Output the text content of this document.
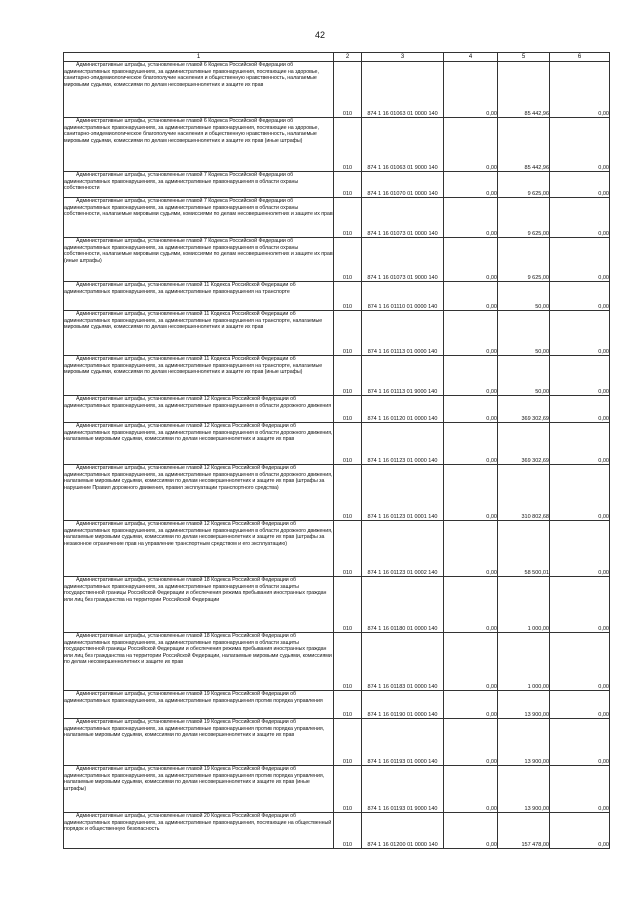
42
1	2	3	4	5	6

Административные штрафы, установленные главой 6 Кодекса Российской Федерации об административных правонарушениях, за административные правонарушения, посягающие на здоровье, санитарно-эпидемиологическое благополучие населения и общественную нравственность, налагаемые мировыми судьями, комиссиями по делам несовершеннолетних и защите их прав	010	874 1 16 01063 01 0000 140	0,00	85 442,96	0,00

Административные штрафы, установленные главой 6 Кодекса Российской Федерации об административных правонарушениях, за административные правонарушения, посягающие на здоровье, санитарно-эпидемиологическое благополучие населения и общественную нравственность, налагаемые мировыми судьями, комиссиями по делам несовершеннолетних и защите их прав (иные штрафы)	010	874 1 16 01063 01 9000 140	0,00	85 442,96	0,00

Административные штрафы, установленные главой 7 Кодекса Российской Федерации об административных правонарушениях, за административные правонарушения в области охраны собственности	010	874 1 16 01070 01 0000 140	0,00	9 625,00	0,00

Административные штрафы, установленные главой 7 Кодекса Российской Федерации об административных правонарушениях, за административные правонарушения в области охраны собственности, налагаемые мировыми судьями, комиссиями по делам несовершеннолетних и защите их прав	010	874 1 16 01073 01 0000 140	0,00	9 625,00	0,00

Административные штрафы, установленные главой 7 Кодекса Российской Федерации об административных правонарушениях, за административные правонарушения в области охраны собственности, налагаемые мировыми судьями, комиссиями по делам несовершеннолетних и защите их прав (иные штрафы)	010	874 1 16 01073 01 9000 140	0,00	9 625,00	0,00

Административные штрафы, установленные главой 11 Кодекса Российской Федерации об административных правонарушениях, за административные правонарушения на транспорте	010	874 1 16 01110 01 0000 140	0,00	50,00	0,00

Административные штрафы, установленные главой 11 Кодекса Российской Федерации об административных правонарушениях, за административные правонарушения на транспорте, налагаемые мировыми судьями, комиссиями по делам несовершеннолетних и защите их прав	010	874 1 16 01113 01 0000 140	0,00	50,00	0,00

Административные штрафы, установленные главой 11 Кодекса Российской Федерации об административных правонарушениях, за административные правонарушения на транспорте, налагаемые мировыми судьями, комиссиями по делам несовершеннолетних и защите их прав (иные штрафы)	010	874 1 16 01113 01 9000 140	0,00	50,00	0,00

Административные штрафы, установленные главой 12 Кодекса Российской Федерации об административных правонарушениях, за административные правонарушения в области дорожного движения	010	874 1 16 01120 01 0000 140	0,00	369 302,69	0,00

Административные штрафы, установленные главой 12 Кодекса Российской Федерации об административных правонарушениях, за административные правонарушения в области дорожного движения, налагаемые мировыми судьями, комиссиями по делам несовершеннолетних и защите их прав	010	874 1 16 01123 01 0000 140	0,00	369 302,69	0,00

Административные штрафы, установленные главой 12 Кодекса Российской Федерации об административных правонарушениях, за административные правонарушения в области дорожного движения, налагаемые мировыми судьями, комиссиями по делам несовершеннолетних и защите их прав (штрафы за нарушение Правил дорожного движения, правил эксплуатации транспортного средства)	010	874 1 16 01123 01 0001 140	0,00	310 802,68	0,00

Административные штрафы, установленные главой 12 Кодекса Российской Федерации об административных правонарушениях, за административные правонарушения в области дорожного движения, налагаемые мировыми судьями, комиссиями по делам несовершеннолетних и защите их прав (штрафы за незаконное ограничение прав на управление транспортным средством и его эксплуатацию)	010	874 1 16 01123 01 0002 140	0,00	58 500,01	0,00

Административные штрафы, установленные главой 18 Кодекса Российской Федерации об административных правонарушениях, за административные правонарушения в области защиты государственной границы Российской Федерации и обеспечения режима пребывания иностранных граждан или лиц без гражданства на территории Российской Федерации	010	874 1 16 01180 01 0000 140	0,00	1 000,00	0,00

Административные штрафы, установленные главой 18 Кодекса Российской Федерации об административных правонарушениях, за административные правонарушения в области защиты государственной границы Российской Федерации и обеспечения режима пребывания иностранных граждан или лиц без гражданства на территории Российской Федерации, налагаемые мировыми судьями, комиссиями по делам несовершеннолетних и защите их прав	010	874 1 16 01183 01 0000 140	0,00	1 000,00	0,00

Административные штрафы, установленные главой 19 Кодекса Российской Федерации об административных правонарушениях, за административные правонарушения против порядка управления	010	874 1 16 01190 01 0000 140	0,00	13 900,00	0,00

Административные штрафы, установленные главой 19 Кодекса Российской Федерации об административных правонарушениях, за административные правонарушения против порядка управления, налагаемые мировыми судьями, комиссиями по делам несовершеннолетних и защите их прав	010	874 1 16 01193 01 0000 140	0,00	13 900,00	0,00

Административные штрафы, установленные главой 19 Кодекса Российской Федерации об административных правонарушениях, за административные правонарушения против порядка управления, налагаемые мировыми судьями, комиссиями по делам несовершеннолетних и защите их прав (иные штрафы)	010	874 1 16 01193 01 9000 140	0,00	13 900,00	0,00

Административные штрафы, установленные главой 20 Кодекса Российской Федерации об административных правонарушениях, за административные правонарушения, посягающие на общественный порядок и общественную безопасность	010	874 1 16 01200 01 0000 140	0,00	157 478,00	0,00
